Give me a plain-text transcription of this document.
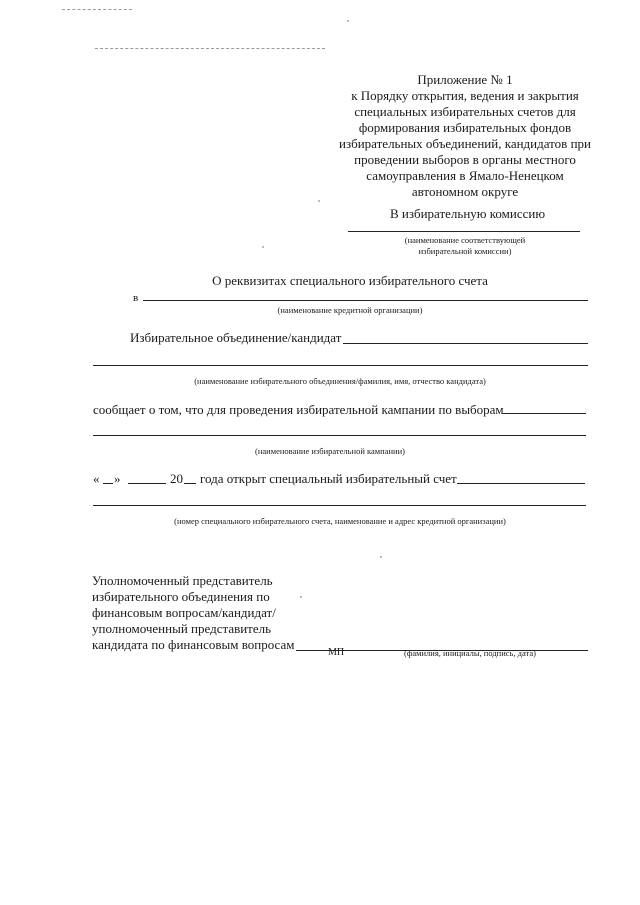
Приложение № 1
к Порядку открытия, ведения и закрытия
специальных избирательных счетов для
формирования избирательных фондов
избирательных объединений, кандидатов при
проведении выборов в органы местного
самоуправления в Ямало-Ненецком
автономном округе
В избирательную комиссию
(наименование соответствующей
избирательной комиссии)
О реквизитах специального избирательного счета
в
(наименование кредитной организации)
Избирательное объединение/кандидат
(наименование избирательного объединения/фамилия, имя, отчество кандидата)
сообщает о том, что для проведения избирательной кампании по выборам
(наименование избирательной кампании)
« »	20 года открыт специальный избирательный счет
(номер специального избирательного счета, наименование и адрес кредитной организации)
Уполномоченный представитель
избирательного объединения по
финансовым вопросам/кандидат/
уполномоченный представитель
кандидата по финансовым вопросам
МП	(фамилия, инициалы, подпись, дата)
